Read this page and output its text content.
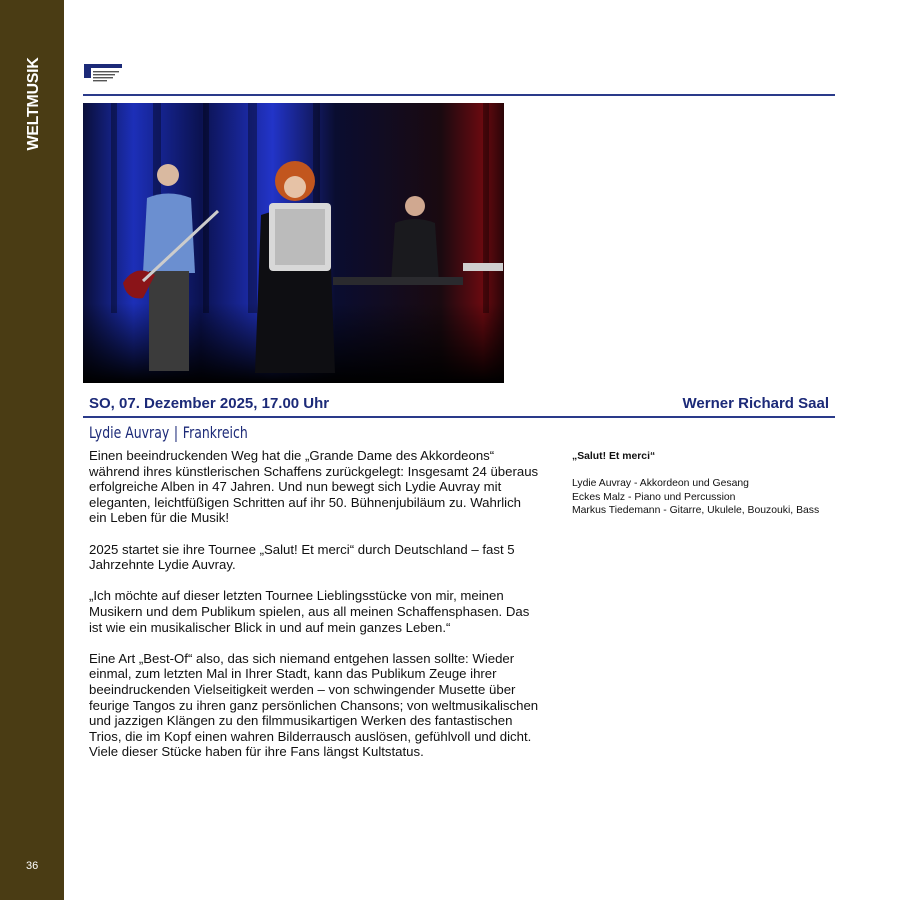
WELTMUSIK
36
SO, 07. Dezember 2025, 17.00 Uhr	Werner Richard Saal
Lydie Auvray | Frankreich

Einen beeindruckenden Weg hat die „Grande Dame des Akkordeons“ während ihres künstlerischen Schaffens zurückgelegt: Insgesamt 24 überaus erfolgreiche Alben in 47 Jahren. Und nun bewegt sich Lydie Auvray mit eleganten, leichtfüßigen Schritten auf ihr 50. Bühnenjubiläum zu. Wahrlich ein Leben für die Musik!

2025 startet sie ihre Tournee „Salut! Et merci“ durch Deutschland – fast 5 Jahrzehnte Lydie Auvray.

„Ich möchte auf dieser letzten Tournee Lieblingsstücke von mir, meinen Musikern und dem Publikum spielen, aus all meinen Schaffensphasen. Das ist wie ein musikalischer Blick in und auf mein ganzes Leben.“

Eine Art „Best-Of“ also, das sich niemand entgehen lassen sollte: Wieder einmal, zum letzten Mal in Ihrer Stadt, kann das Publikum Zeuge ihrer beeindruckenden Vielseitigkeit werden – von schwingender Musette über feurige Tangos zu ihren ganz persönlichen Chansons; von weltmusikalischen und jazzigen Klängen zu den filmmusikartigen Werken des fantastischen Trios, die im Kopf einen wahren Bilderrausch auslösen, gefühlvoll und dicht. Viele dieser Stücke haben für ihre Fans längst Kultstatus.

„Salut! Et merci“
Lydie Auvray - Akkordeon und Gesang
Eckes Malz - Piano und Percussion
Markus Tiedemann - Gitarre, Ukulele, Bouzouki, Bass
